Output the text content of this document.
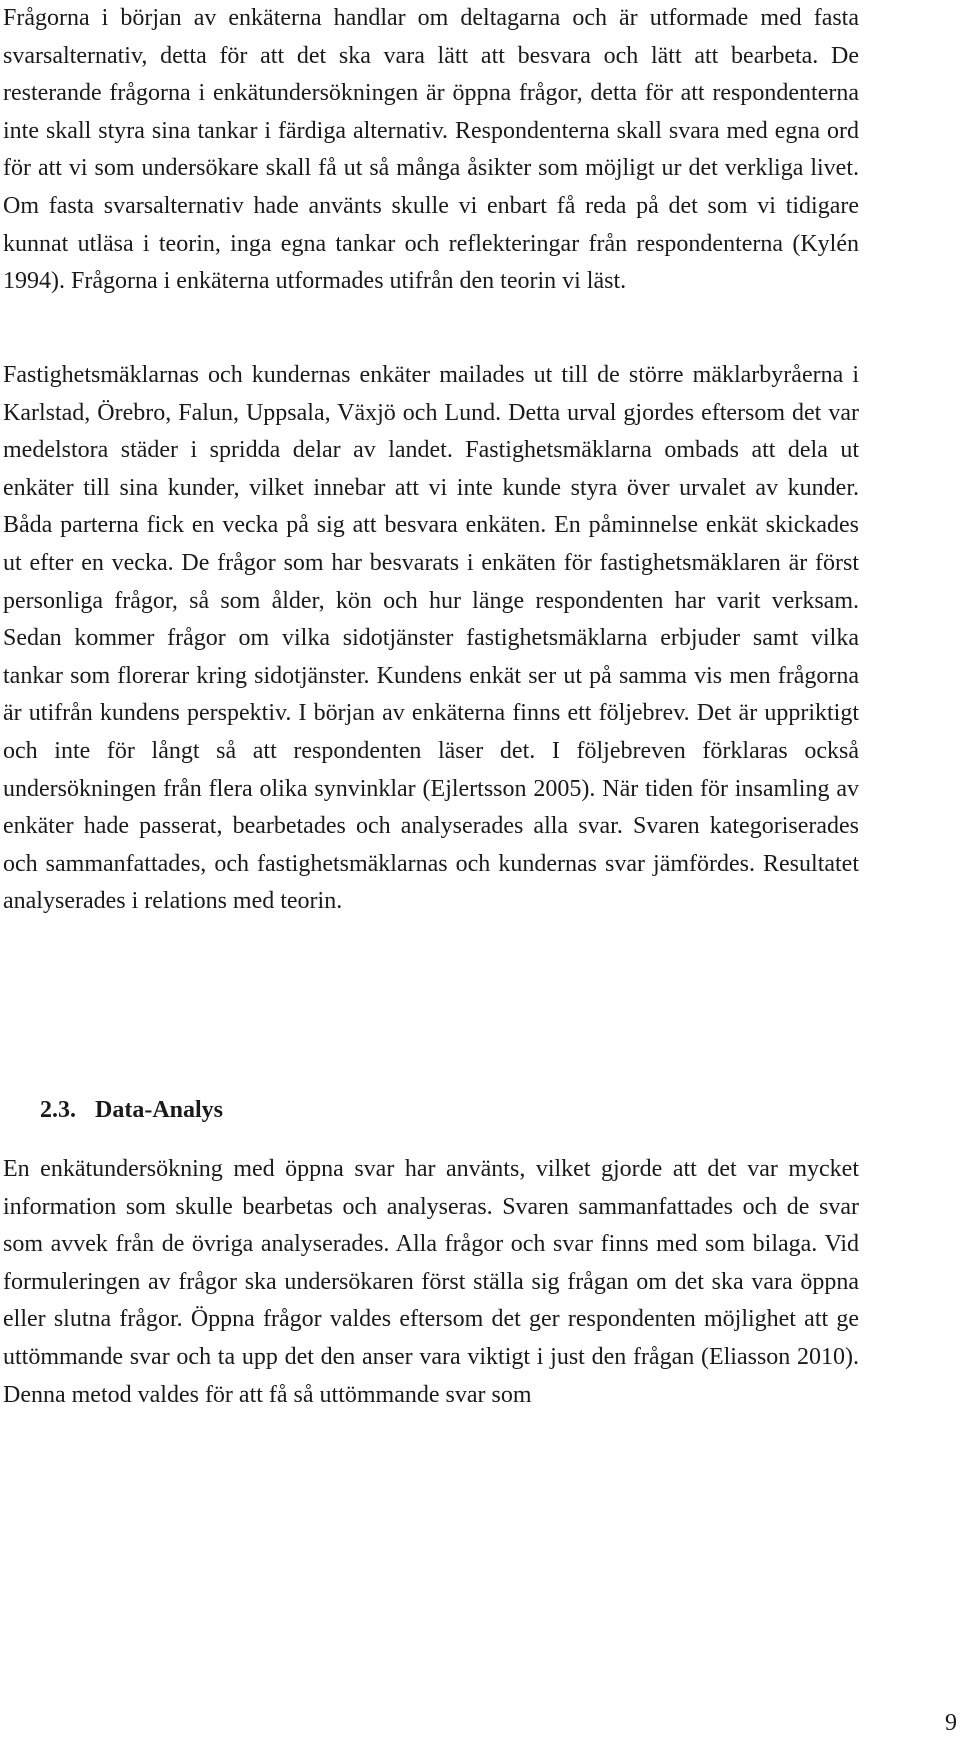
Frågorna i början av enkäterna handlar om deltagarna och är utformade med fasta svarsalternativ, detta för att det ska vara lätt att besvara och lätt att bearbeta. De resterande frågorna i enkätundersökningen är öppna frågor, detta för att respondenterna inte skall styra sina tankar i färdiga alternativ. Respondenterna skall svara med egna ord för att vi som undersökare skall få ut så många åsikter som möjligt ur det verkliga livet. Om fasta svarsalternativ hade använts skulle vi enbart få reda på det som vi tidigare kunnat utläsa i teorin, inga egna tankar och reflekteringar från respondenterna (Kylén 1994). Frågorna i enkäterna utformades utifrån den teorin vi läst.

Fastighetsmäklarnas och kundernas enkäter mailades ut till de större mäklarbyråerna i Karlstad, Örebro, Falun, Uppsala, Växjö och Lund. Detta urval gjordes eftersom det var medelstora städer i spridda delar av landet. Fastighetsmäklarna ombads att dela ut enkäter till sina kunder, vilket innebar att vi inte kunde styra över urvalet av kunder. Båda parterna fick en vecka på sig att besvara enkäten. En påminnelse enkät skickades ut efter en vecka. De frågor som har besvarats i enkäten för fastighetsmäklaren är först personliga frågor, så som ålder, kön och hur länge respondenten har varit verksam. Sedan kommer frågor om vilka sidotjänster fastighetsmäklarna erbjuder samt vilka tankar som florerar kring sidotjänster. Kundens enkät ser ut på samma vis men frågorna är utifrån kundens perspektiv. I början av enkäterna finns ett följebrev. Det är uppriktigt och inte för långt så att respondenten läser det. I följebreven förklaras också undersökningen från flera olika synvinklar (Ejlertsson 2005). När tiden för insamling av enkäter hade passerat, bearbetades och analyserades alla svar. Svaren kategoriserades och sammanfattades, och fastighetsmäklarnas och kundernas svar jämfördes. Resultatet analyserades i relations med teorin.

2.3. Data-Analys

En enkätundersökning med öppna svar har använts, vilket gjorde att det var mycket information som skulle bearbetas och analyseras. Svaren sammanfattades och de svar som avvek från de övriga analyserades. Alla frågor och svar finns med som bilaga. Vid formuleringen av frågor ska undersökaren först ställa sig frågan om det ska vara öppna eller slutna frågor. Öppna frågor valdes eftersom det ger respondenten möjlighet att ge uttömmande svar och ta upp det den anser vara viktigt i just den frågan (Eliasson 2010). Denna metod valdes för att få så uttömmande svar som

9
